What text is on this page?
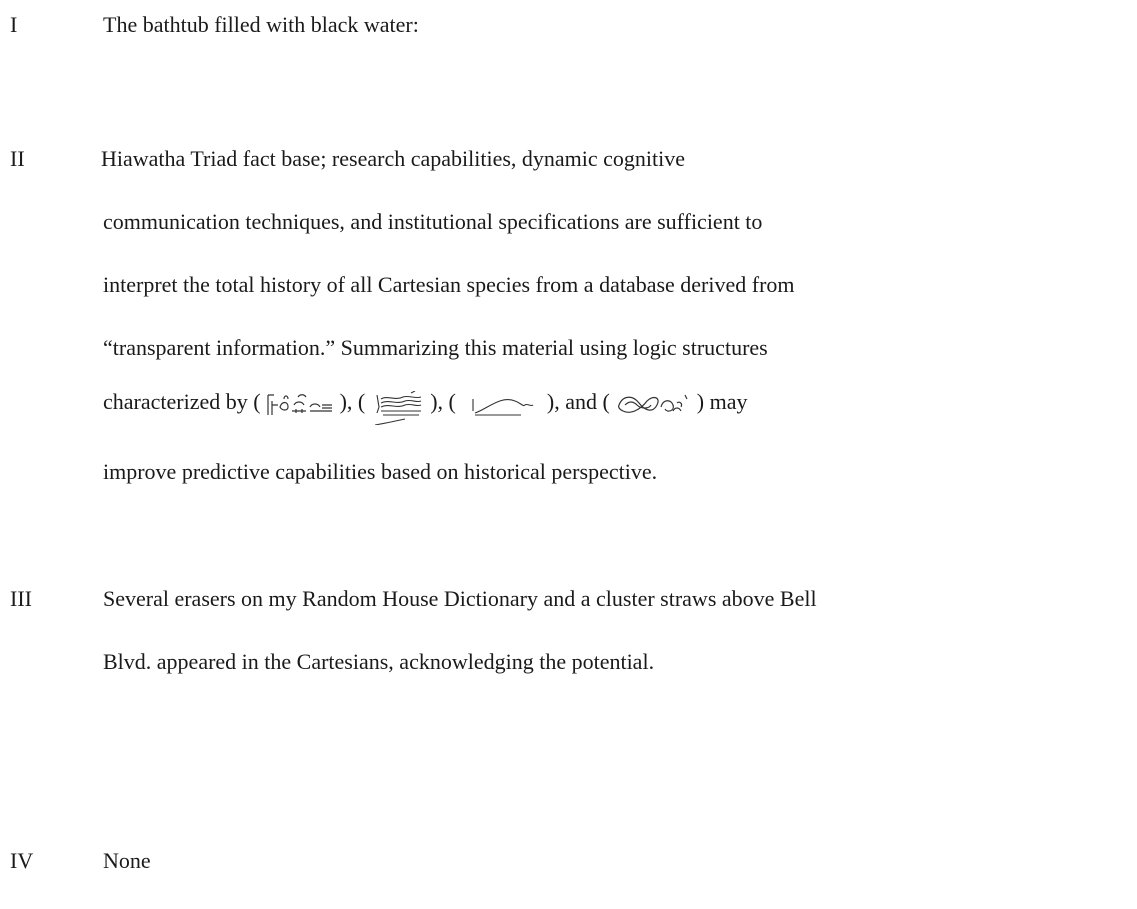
I	The bathtub filled with black water:
II	Hiawatha Triad fact base; research capabilities, dynamic cognitive
communication techniques, and institutional specifications are sufficient to
interpret the total history of all Cartesian species from a database derived from
“transparent information.” Summarizing this material using logic structures
characterized by (	), (	), (	), and (	) may
improve predictive capabilities based on historical perspective.
III	Several erasers on my Random House Dictionary and a cluster straws above Bell
Blvd. appeared in the Cartesians, acknowledging the potential.
IV	None
